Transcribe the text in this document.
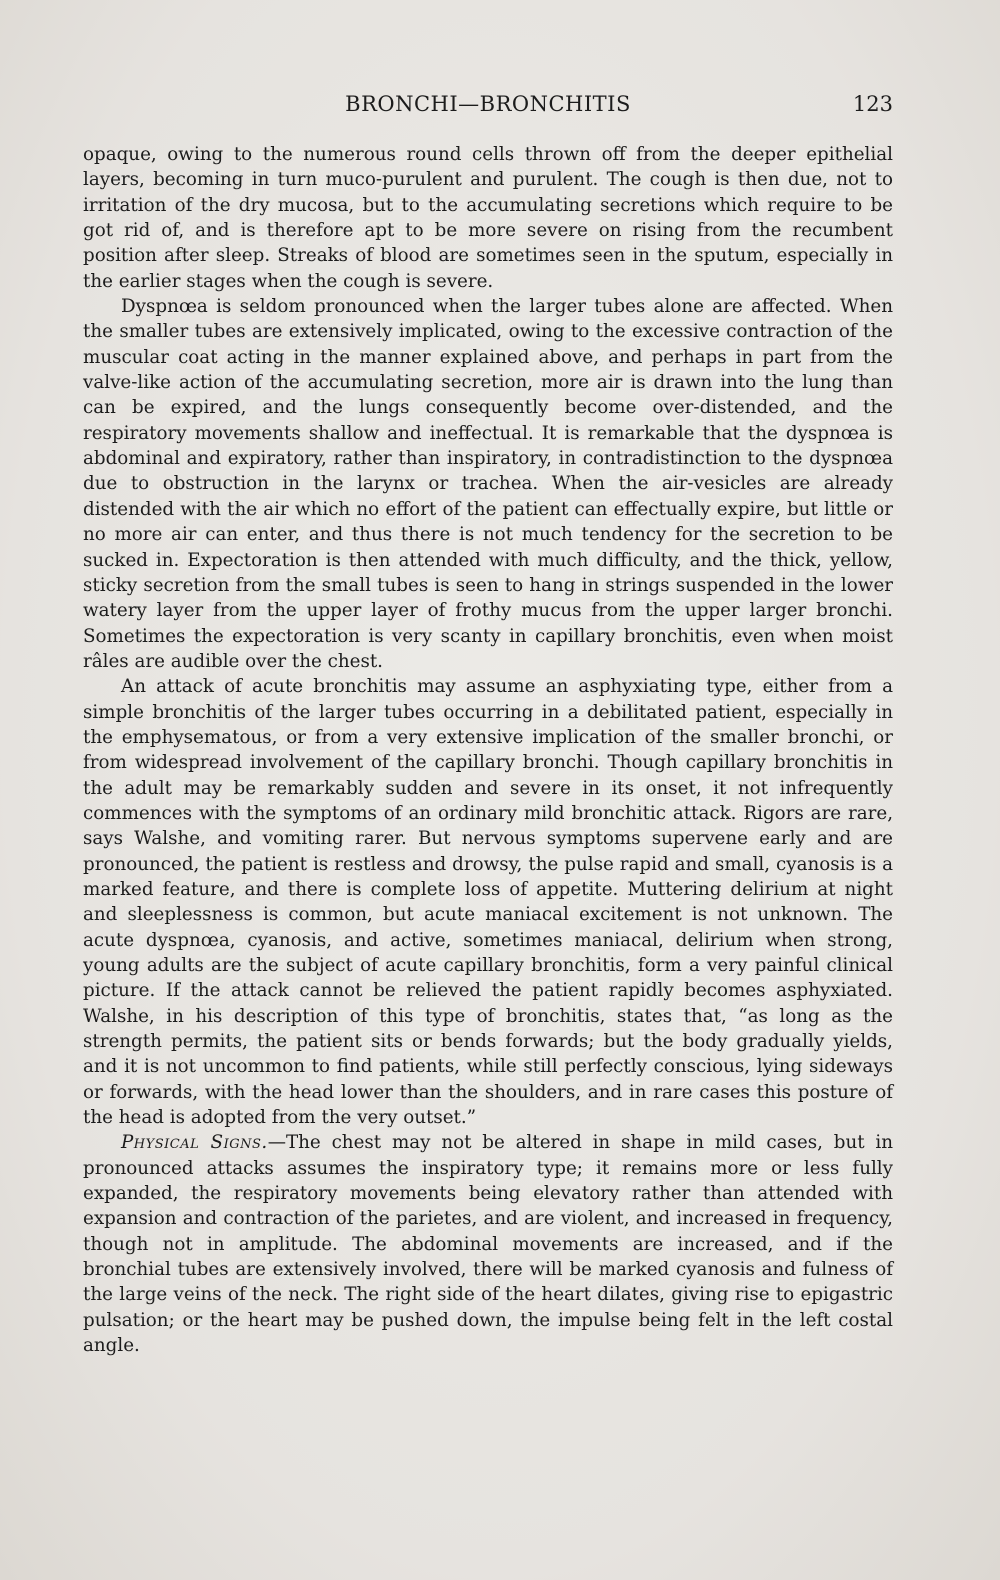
BRONCHI—BRONCHITIS	123

opaque, owing to the numerous round cells thrown off from the deeper epithelial layers, becoming in turn muco-purulent and purulent. The cough is then due, not to irritation of the dry mucosa, but to the accumulating secretions which require to be got rid of, and is therefore apt to be more severe on rising from the recumbent position after sleep. Streaks of blood are sometimes seen in the sputum, especially in the earlier stages when the cough is severe.

Dyspnœa is seldom pronounced when the larger tubes alone are affected. When the smaller tubes are extensively implicated, owing to the excessive contraction of the muscular coat acting in the manner explained above, and perhaps in part from the valve-like action of the accumulating secretion, more air is drawn into the lung than can be expired, and the lungs consequently become over-distended, and the respiratory movements shallow and ineffectual. It is remarkable that the dyspnœa is abdominal and expiratory, rather than inspiratory, in contradistinction to the dyspnœa due to obstruction in the larynx or trachea. When the air-vesicles are already distended with the air which no effort of the patient can effectually expire, but little or no more air can enter, and thus there is not much tendency for the secretion to be sucked in. Expectoration is then attended with much difficulty, and the thick, yellow, sticky secretion from the small tubes is seen to hang in strings suspended in the lower watery layer from the upper layer of frothy mucus from the upper larger bronchi. Sometimes the expectoration is very scanty in capillary bronchitis, even when moist râles are audible over the chest.

An attack of acute bronchitis may assume an asphyxiating type, either from a simple bronchitis of the larger tubes occurring in a debilitated patient, especially in the emphysematous, or from a very extensive implication of the smaller bronchi, or from widespread involvement of the capillary bronchi. Though capillary bronchitis in the adult may be remarkably sudden and severe in its onset, it not infrequently commences with the symptoms of an ordinary mild bronchitic attack. Rigors are rare, says Walshe, and vomiting rarer. But nervous symptoms supervene early and are pronounced, the patient is restless and drowsy, the pulse rapid and small, cyanosis is a marked feature, and there is complete loss of appetite. Muttering delirium at night and sleeplessness is common, but acute maniacal excitement is not unknown. The acute dyspnœa, cyanosis, and active, sometimes maniacal, delirium when strong, young adults are the subject of acute capillary bronchitis, form a very painful clinical picture. If the attack cannot be relieved the patient rapidly becomes asphyxiated. Walshe, in his description of this type of bronchitis, states that, “as long as the strength permits, the patient sits or bends forwards; but the body gradually yields, and it is not uncommon to find patients, while still perfectly conscious, lying sideways or forwards, with the head lower than the shoulders, and in rare cases this posture of the head is adopted from the very outset.”

Physical Signs.—The chest may not be altered in shape in mild cases, but in pronounced attacks assumes the inspiratory type; it remains more or less fully expanded, the respiratory movements being elevatory rather than attended with expansion and contraction of the parietes, and are violent, and increased in frequency, though not in amplitude. The abdominal movements are increased, and if the bronchial tubes are extensively involved, there will be marked cyanosis and fulness of the large veins of the neck. The right side of the heart dilates, giving rise to epigastric pulsation; or the heart may be pushed down, the impulse being felt in the left costal angle.
